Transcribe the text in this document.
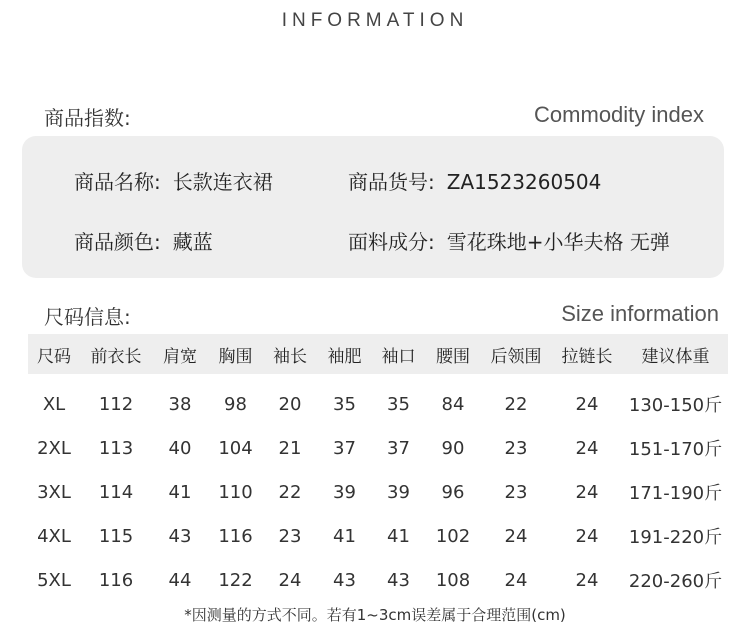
INFORMATION
商品指数:	Commodity index
商品名称: 长款连衣裙	商品货号: ZA1523260504
商品颜色: 藏蓝	面料成分: 雪花珠地+小华夫格 无弹
尺码信息:	Size information
尺码	前衣长	肩宽	胸围	袖长	袖肥	袖口	腰围	后领围	拉链长	建议体重
XL	112	38	98	20	35	35	84	22	24	130-150斤
2XL	113	40	104	21	37	37	90	23	24	151-170斤
3XL	114	41	110	22	39	39	96	23	24	171-190斤
4XL	115	43	116	23	41	41	102	24	24	191-220斤
5XL	116	44	122	24	43	43	108	24	24	220-260斤
*因测量的方式不同。若有1~3cm误差属于合理范围(cm)
